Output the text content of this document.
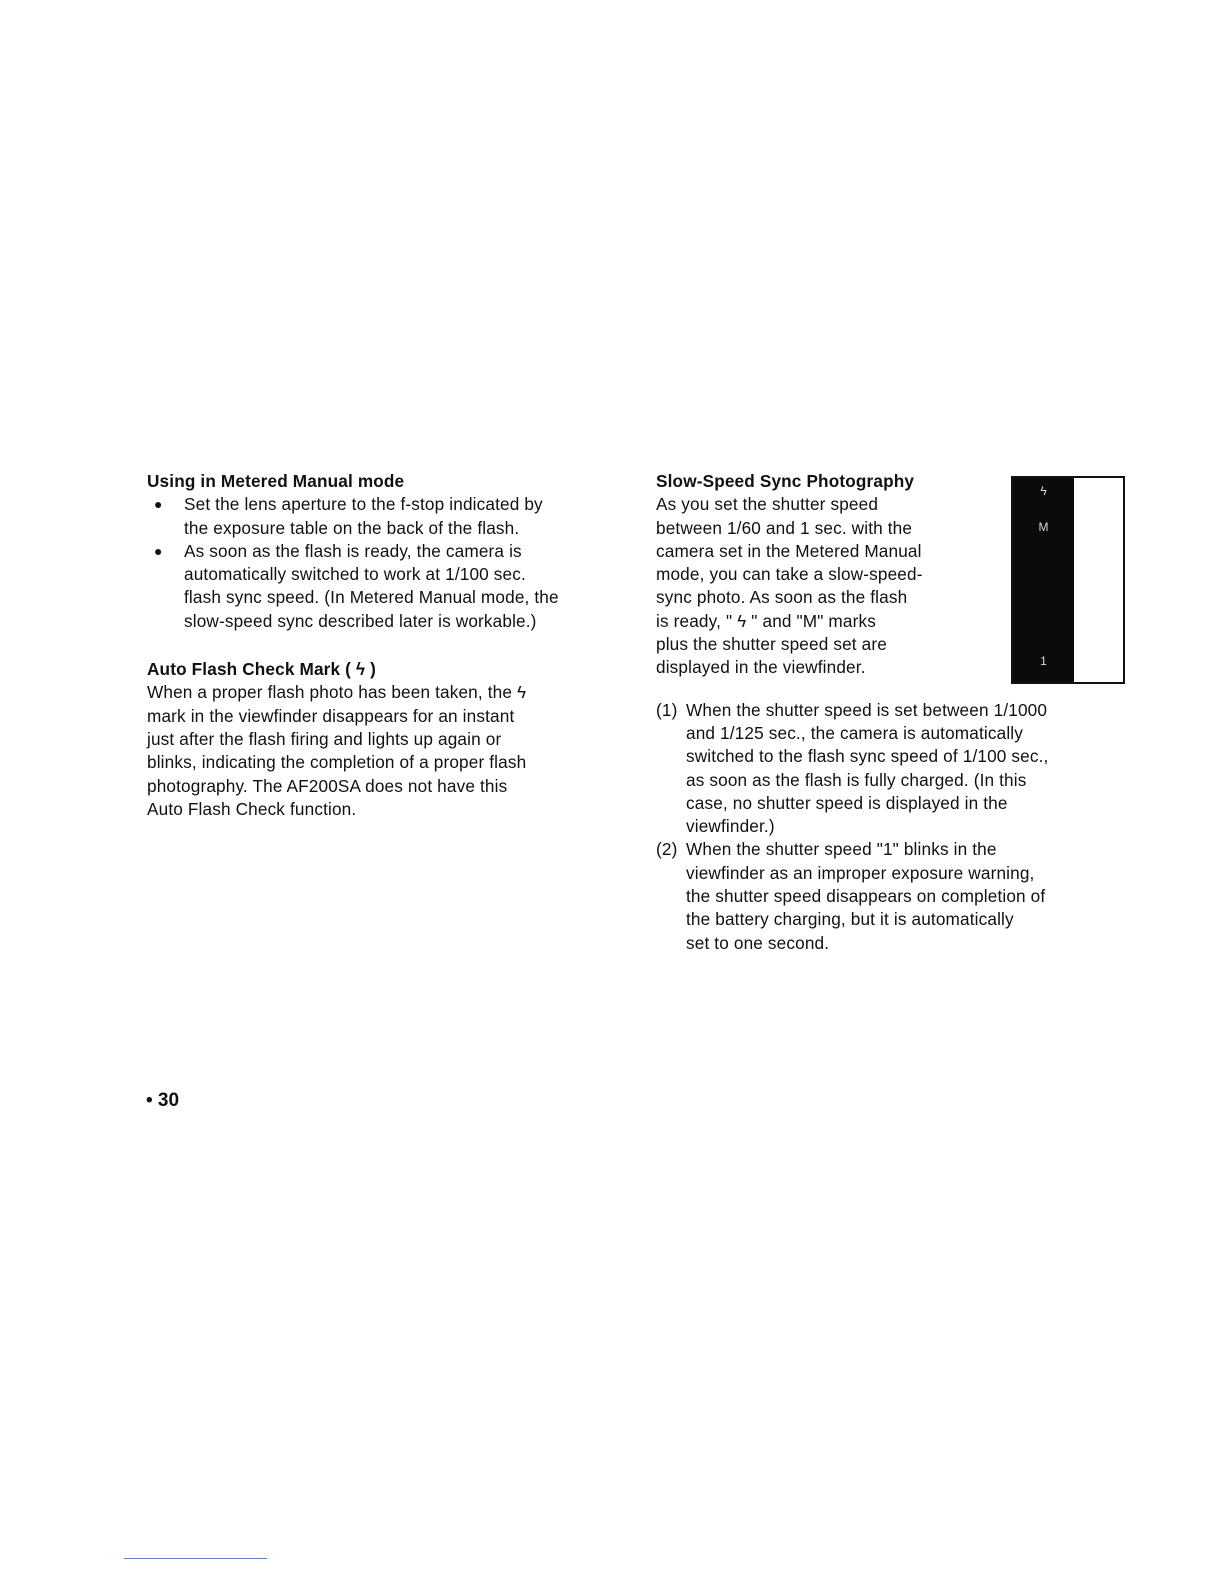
Using in Metered Manual mode

● Set the lens aperture to the f-stop indicated by
the exposure table on the back of the flash.
● As soon as the flash is ready, the camera is
automatically switched to work at 1/100 sec.
flash sync speed. (In Metered Manual mode, the
slow-speed sync described later is workable.)

Auto Flash Check Mark ( ϟ )

When a proper flash photo has been taken, the ϟ
mark in the viewfinder disappears for an instant
just after the flash firing and lights up again or
blinks, indicating the completion of a proper flash
photography. The AF200SA does not have this
Auto Flash Check function.

Slow-Speed Sync Photography

As you set the shutter speed
between 1/60 and 1 sec. with the
camera set in the Metered Manual
mode, you can take a slow-speed-
sync photo. As soon as the flash
is ready, " ϟ " and "M" marks
plus the shutter speed set are
displayed in the viewfinder.
(1) When the shutter speed is set between 1/1000
and 1/125 sec., the camera is automatically
switched to the flash sync speed of 1/100 sec.,
as soon as the flash is fully charged. (In this
case, no shutter speed is displayed in the
viewfinder.)
(2) When the shutter speed "1" blinks in the
viewfinder as an improper exposure warning,
the shutter speed disappears on completion of
the battery charging, but it is automatically
set to one second.
ϟ
M
1
• 30
